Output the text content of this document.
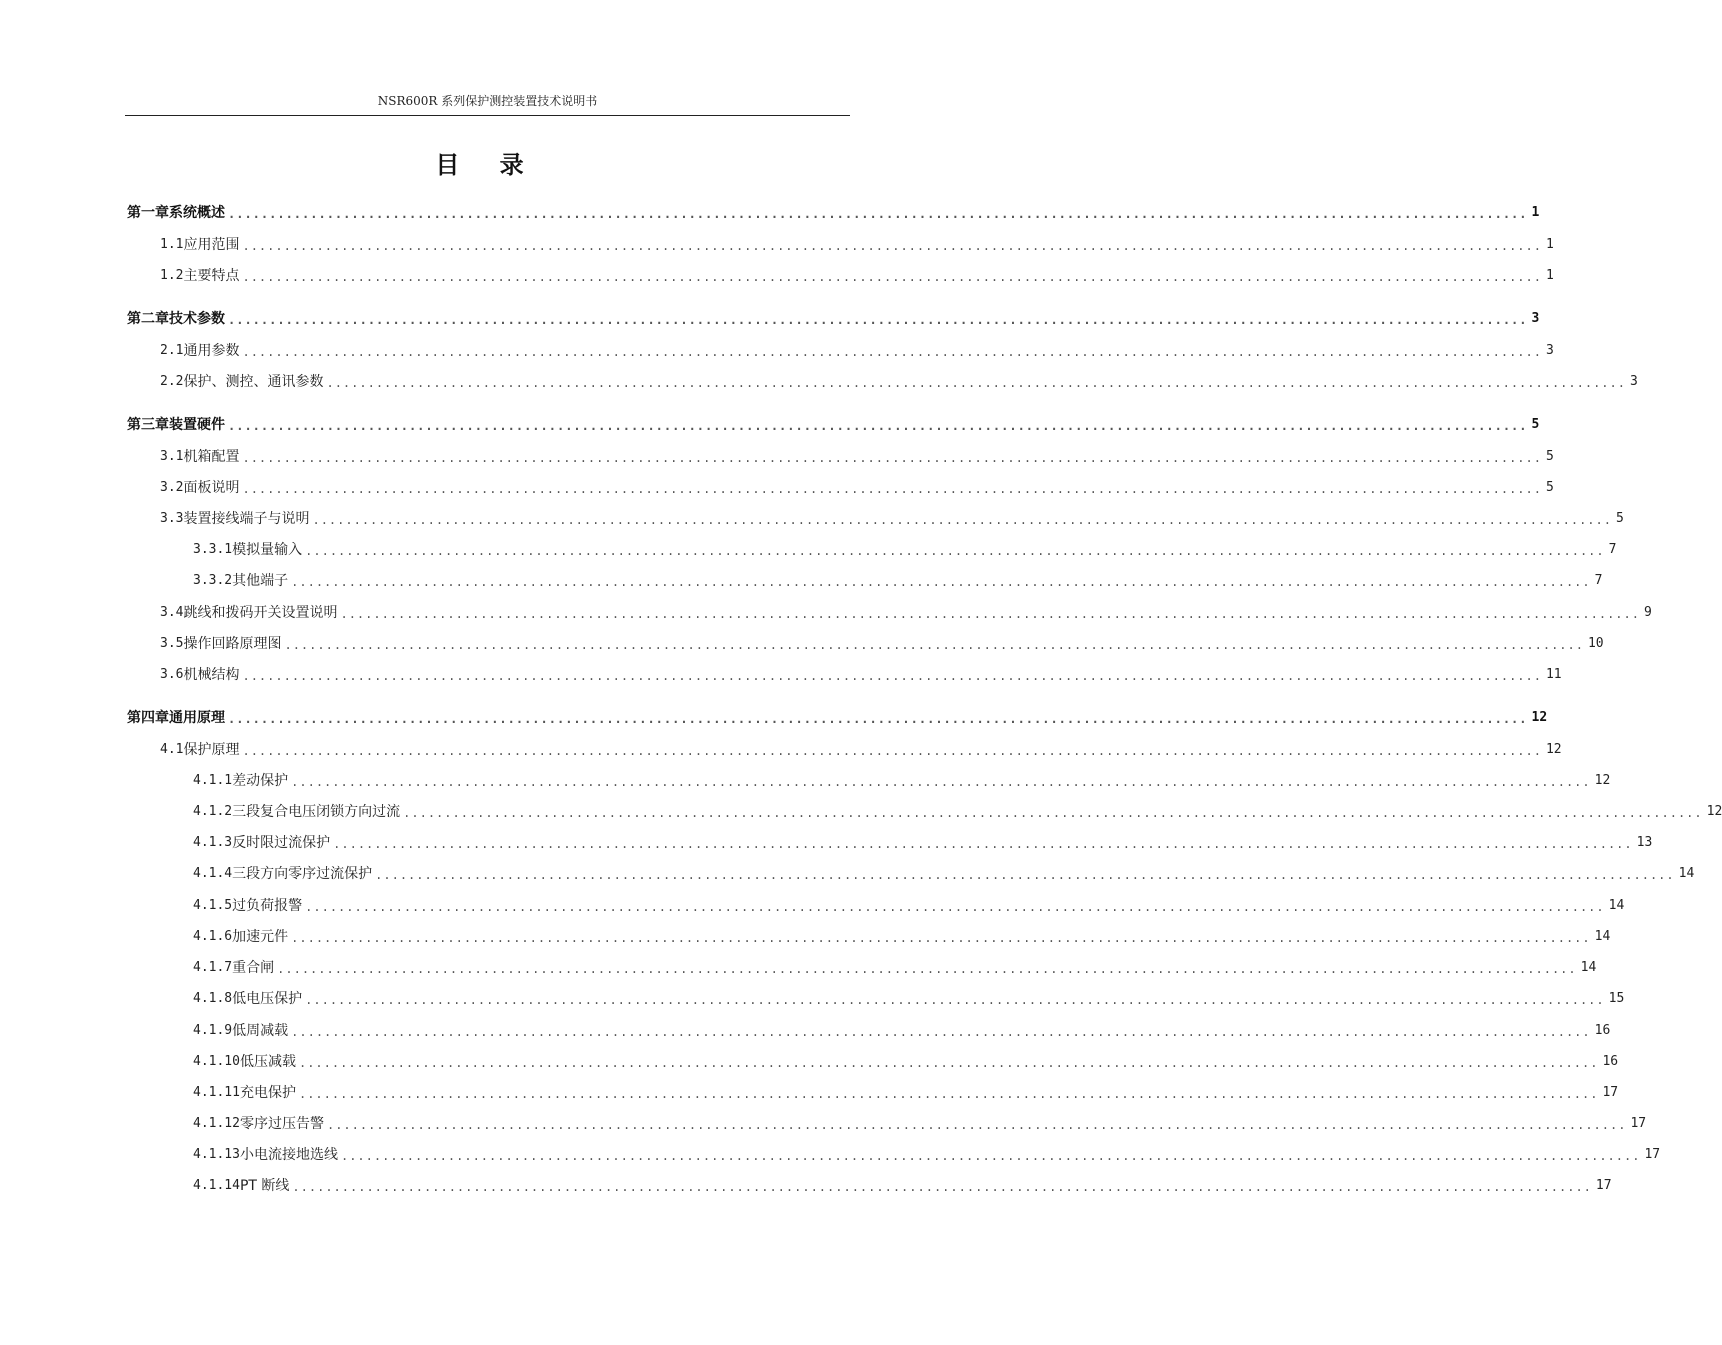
NSR600R 系列保护测控装置技术说明书
目 录
第一章 系统概述 .............................................................................................................................................................. 1
1.1 应用范围 .............................................................................................................................................................. 1
1.2 主要特点 .............................................................................................................................................................. 1
第二章 技术参数 .............................................................................................................................................................. 3
2.1 通用参数 .............................................................................................................................................................. 3
2.2 保护、测控、通讯参数 .............................................................................................................................................................. 3
第三章 装置硬件 .............................................................................................................................................................. 5
3.1 机箱配置 .............................................................................................................................................................. 5
3.2 面板说明 .............................................................................................................................................................. 5
3.3 装置接线端子与说明 .............................................................................................................................................................. 5
3.3.1 模拟量输入 .............................................................................................................................................................. 7
3.3.2 其他端子 .............................................................................................................................................................. 7
3.4 跳线和拨码开关设置说明 .............................................................................................................................................................. 9
3.5 操作回路原理图 .............................................................................................................................................................. 10
3.6 机械结构 .............................................................................................................................................................. 11
第四章 通用原理 .............................................................................................................................................................. 12
4.1 保护原理 .............................................................................................................................................................. 12
4.1.1 差动保护 .............................................................................................................................................................. 12
4.1.2 三段复合电压闭锁方向过流 .............................................................................................................................................................. 12
4.1.3 反时限过流保护 .............................................................................................................................................................. 13
4.1.4 三段方向零序过流保护 .............................................................................................................................................................. 14
4.1.5 过负荷报警 .............................................................................................................................................................. 14
4.1.6 加速元件 .............................................................................................................................................................. 14
4.1.7 重合闸 .............................................................................................................................................................. 14
4.1.8 低电压保护 .............................................................................................................................................................. 15
4.1.9 低周减载 .............................................................................................................................................................. 16
4.1.10 低压减载 .............................................................................................................................................................. 16
4.1.11 充电保护 .............................................................................................................................................................. 17
4.1.12 零序过压告警 .............................................................................................................................................................. 17
4.1.13 小电流接地选线 .............................................................................................................................................................. 17
4.1.14 PT 断线 .............................................................................................................................................................. 17
